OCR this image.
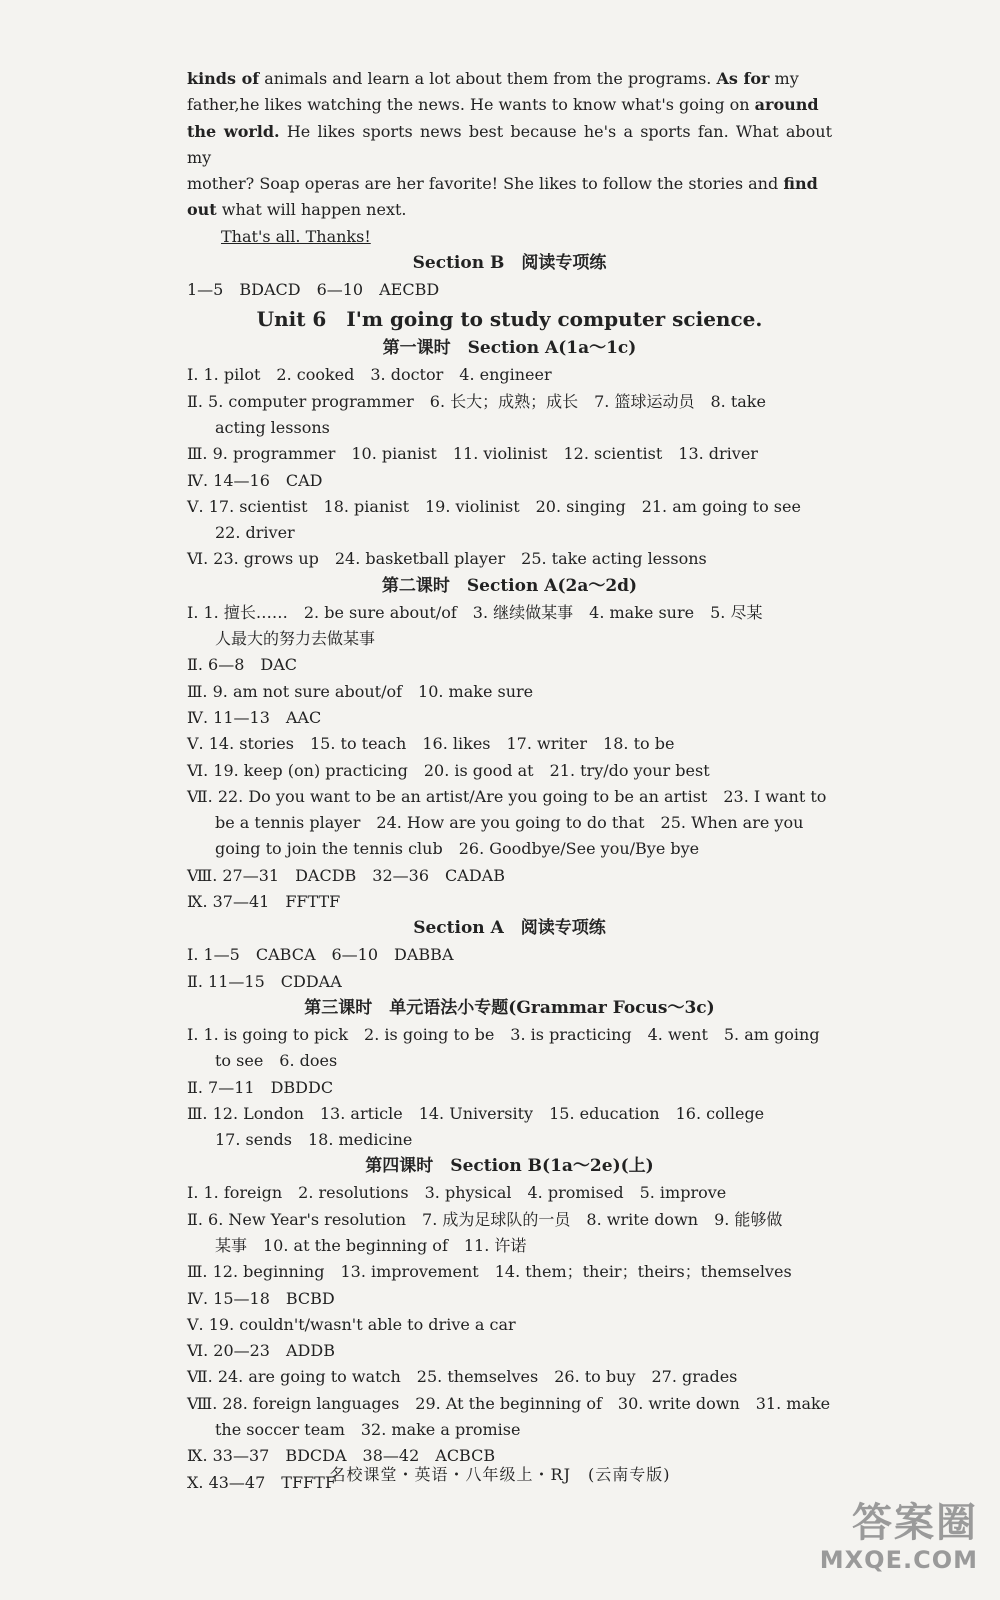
kinds of animals and learn a lot about them from the programs. As for my
father,he likes watching the news. He wants to know what's going on around
the world. He likes sports news best because he's a sports fan. What about my
mother? Soap operas are her favorite! She likes to follow the stories and find
out what will happen next.
That's all. Thanks!
Section B　阅读专项练
1—5　BDACD　6—10　AECBD
Unit 6　I'm going to study computer science.
第一课时　Section A(1a～1c)
Ⅰ. 1. pilot　2. cooked　3. doctor　4. engineer
Ⅱ. 5. computer programmer　6. 长大；成熟；成长　7. 篮球运动员　8. take
acting lessons
Ⅲ. 9. programmer　10. pianist　11. violinist　12. scientist　13. driver
Ⅳ. 14—16　CAD
Ⅴ. 17. scientist　18. pianist　19. violinist　20. singing　21. am going to see
22. driver
Ⅵ. 23. grows up　24. basketball player　25. take acting lessons
第二课时　Section A(2a～2d)
Ⅰ. 1. 擅长……　2. be sure about/of　3. 继续做某事　4. make sure　5. 尽某
人最大的努力去做某事
Ⅱ. 6—8　DAC
Ⅲ. 9. am not sure about/of　10. make sure
Ⅳ. 11—13　AAC
Ⅴ. 14. stories　15. to teach　16. likes　17. writer　18. to be
Ⅵ. 19. keep (on) practicing　20. is good at　21. try/do your best
Ⅶ. 22. Do you want to be an artist/Are you going to be an artist　23. I want to
be a tennis player　24. How are you going to do that　25. When are you
going to join the tennis club　26. Goodbye/See you/Bye bye
Ⅷ. 27—31　DACDB　32—36　CADAB
Ⅸ. 37—41　FFTTF
Section A　阅读专项练
Ⅰ. 1—5　CABCA　6—10　DABBA
Ⅱ. 11—15　CDDAA
第三课时　单元语法小专题(Grammar Focus～3c)
Ⅰ. 1. is going to pick　2. is going to be　3. is practicing　4. went　5. am going
to see　6. does
Ⅱ. 7—11　DBDDC
Ⅲ. 12. London　13. article　14. University　15. education　16. college
17. sends　18. medicine
第四课时　Section B(1a～2e)(上)
Ⅰ. 1. foreign　2. resolutions　3. physical　4. promised　5. improve
Ⅱ. 6. New Year's resolution　7. 成为足球队的一员　8. write down　9. 能够做
某事　10. at the beginning of　11. 许诺
Ⅲ. 12. beginning　13. improvement　14. them；their；theirs；themselves
Ⅳ. 15—18　BCBD
Ⅴ. 19. couldn't/wasn't able to drive a car
Ⅵ. 20—23　ADDB
Ⅶ. 24. are going to watch　25. themselves　26. to buy　27. grades
Ⅷ. 28. foreign languages　29. At the beginning of　30. write down　31. make
the soccer team　32. make a promise
Ⅸ. 33—37　BDCDA　38—42　ACBCB
Ⅹ. 43—47　TFFTF
名校课堂・英语・八年级上・RJ　(云南专版)
答案圈
MXQE.COM
